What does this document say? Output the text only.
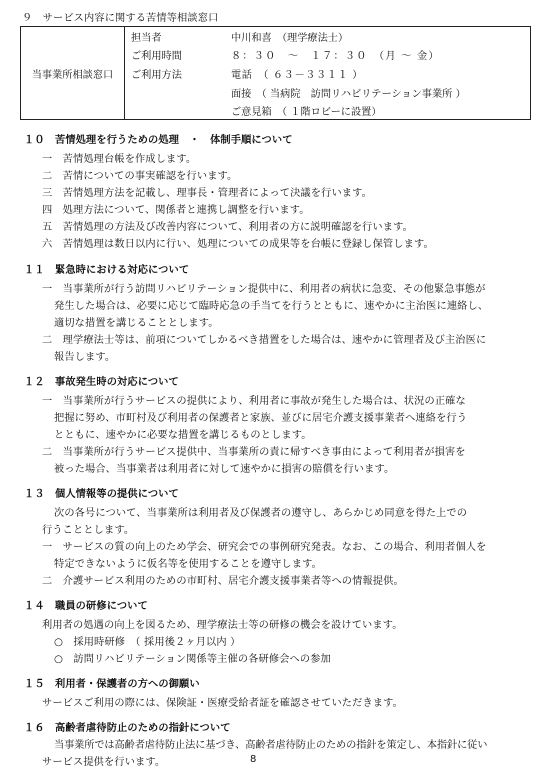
９　サービス内容に関する苦情等相談窓口
当事業所相談窓口	
担当者	中川和喜　（理学療法士）
ご利用時間	８：３０　～　１７：３０　（月 ～ 金）
ご利用方法	電話　（ ６３－３３１１ ）
面接　（ 当病院　訪問リハビリテーション事業所 ）
ご意見箱　（ １階ロビーに設置）
１０　苦情処理を行うための処理　・　体制手順について
一　苦情処理台帳を作成します。
二　苦情についての事実確認を行います。
三　苦情処理方法を記載し、理事長・管理者によって決議を行います。
四　処理方法について、関係者と連携し調整を行います。
五　苦情処理の方法及び改善内容について、利用者の方に説明確認を行います。
六　苦情処理は数日以内に行い、処理についての成果等を台帳に登録し保管します。
１１　緊急時における対応について
一　当事業所が行う訪問リハビリテーション提供中に、利用者の病状に急変、その他緊急事態が
発生した場合は、必要に応じて臨時応急の手当てを行うとともに、速やかに主治医に連絡し、
適切な措置を講じることとします。
二　理学療法士等は、前項についてしかるべき措置をした場合は、速やかに管理者及び主治医に
報告します。
１２　事故発生時の対応について
一　当事業所が行うサービスの提供により、利用者に事故が発生した場合は、状況の正確な
把握に努め、市町村及び利用者の保護者と家族、並びに居宅介護支援事業者へ連絡を行う
とともに、速やかに必要な措置を講じるものとします。
二　当事業所が行うサービス提供中、当事業所の責に帰すべき事由によって利用者が損害を
被った場合、当事業者は利用者に対して速やかに損害の賠償を行います。
１３　個人情報等の提供について
次の各号について、当事業所は利用者及び保護者の遵守し、あらかじめ同意を得た上での
行うこととします。
一　サービスの質の向上のため学会、研究会での事例研究発表。なお、この場合、利用者個人を
特定できないように仮名等を使用することを遵守します。
二　介護サービス利用のための市町村、居宅介護支援事業者等への情報提供。
１４　職員の研修について
利用者の処遇の向上を図るため、理学療法士等の研修の機会を設けています。
○　採用時研修　（ 採用後２ヶ月以内 ）
○　訪問リハビリテーション関係等主催の各研修会への参加
１５　利用者・保護者の方への御願い
サービスご利用の際には、保険証・医療受給者証を確認させていただきます。
１６　高齢者虐待防止のための指針について
当事業所では高齢者虐待防止法に基づき、高齢者虐待防止のための指針を策定し、本指針に従い
サービス提供を行います。	8
